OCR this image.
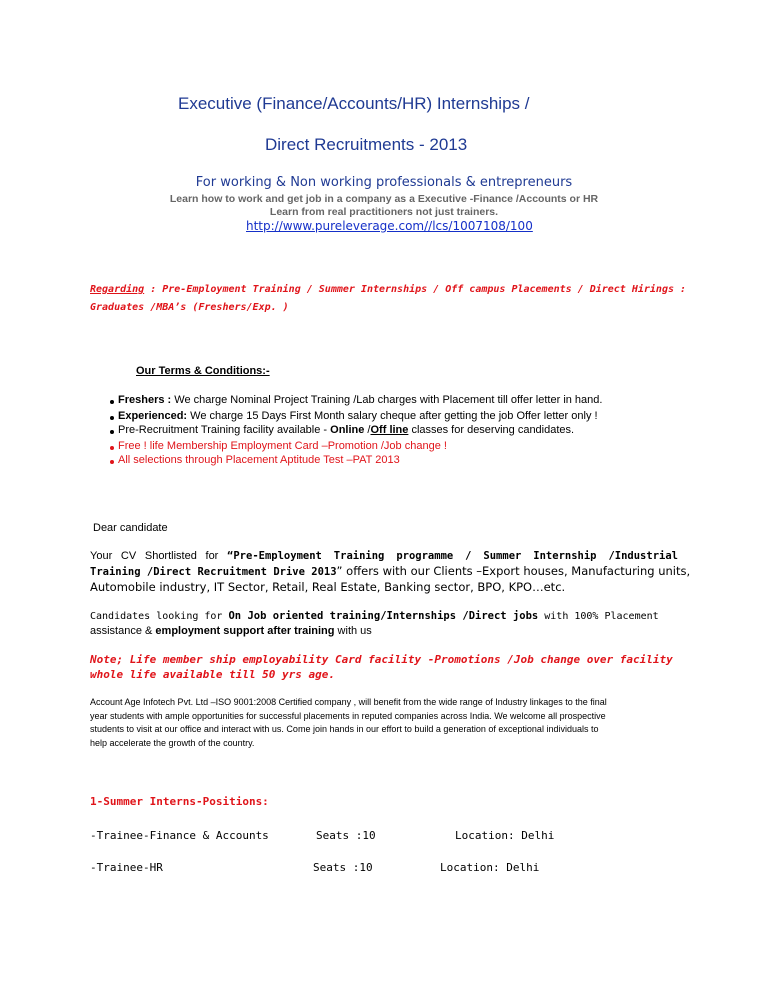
Executive (Finance/Accounts/HR) Internships /
Direct Recruitments - 2013
For working & Non working professionals & entrepreneurs
Learn how to work and get job in a company as a Executive -Finance /Accounts or HR
Learn from real practitioners not just trainers.
http://www.pureleverage.com//lcs/1007108/100
Regarding : Pre-Employment Training / Summer Internships / Off campus Placements / Direct Hirings :
Graduates /MBA’s (Freshers/Exp. )
Our Terms & Conditions:-
Freshers : We charge Nominal Project Training /Lab charges with Placement till offer letter in hand.
Experienced: We charge 15 Days First Month salary cheque after getting the job Offer letter only !
Pre-Recruitment Training facility available - Online /Off line classes for deserving candidates.
Free ! life Membership Employment Card –Promotion /Job change !
All selections through Placement Aptitude Test –PAT 2013
Dear candidate
Your CV Shortlisted for “Pre-Employment Training programme / Summer Internship /Industrial
Training /Direct Recruitment Drive 2013” offers with our Clients –Export houses, Manufacturing units,
Automobile industry, IT Sector, Retail, Real Estate, Banking sector, BPO, KPO…etc.
Candidates looking for On Job oriented training/Internships /Direct jobs with 100% Placement
assistance & employment support after training with us
Note; Life member ship employability Card facility -Promotions /Job change over facility
whole life available till 50 yrs age.
Account Age Infotech Pvt. Ltd –ISO 9001:2008 Certified company , will benefit from the wide range of Industry linkages to the final
year students with ample opportunities for successful placements in reputed companies across India. We welcome all prospective
students to visit at our office and interact with us. Come join hands in our effort to build a generation of exceptional individuals to
help accelerate the growth of the country.
1-Summer Interns-Positions:
-Trainee-Finance & Accounts	Seats :10	Location: Delhi
-Trainee-HR	Seats :10	Location: Delhi
